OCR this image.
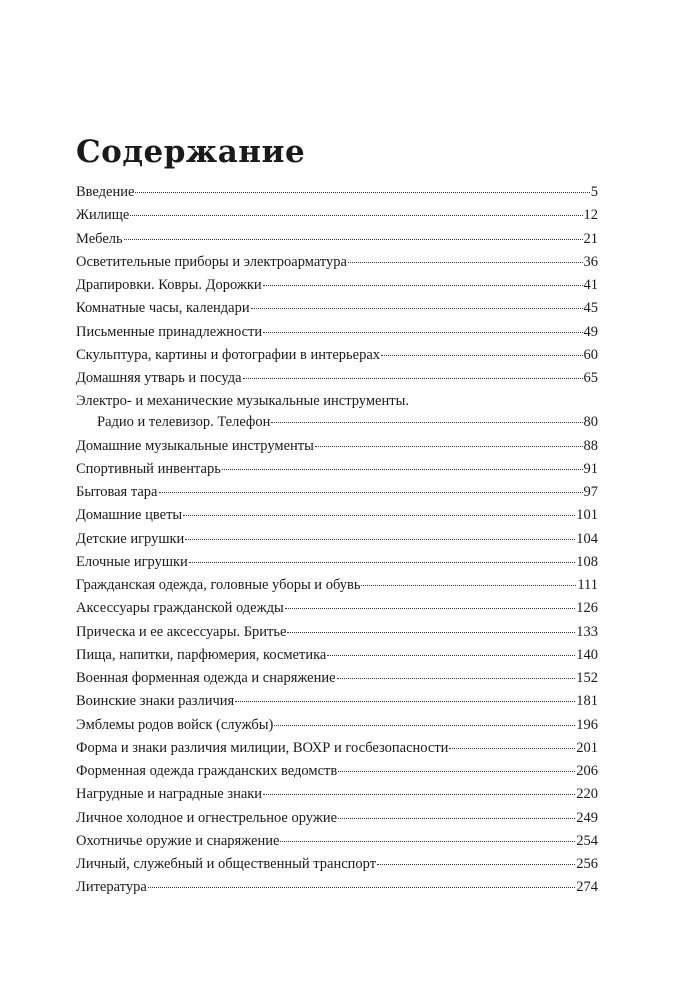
Содержание
Введение	5
Жилище	12
Мебель	21
Осветительные приборы и электроарматура	36
Драпировки. Ковры. Дорожки	41
Комнатные часы, календари	45
Письменные принадлежности	49
Скульптура, картины и фотографии в интерьерах	60
Домашняя утварь и посуда	65
Электро- и механические музыкальные инструменты.
Радио и телевизор. Телефон	80
Домашние музыкальные инструменты	88
Спортивный инвентарь	91
Бытовая тара	97
Домашние цветы	101
Детские игрушки	104
Елочные игрушки	108
Гражданская одежда, головные уборы и обувь	111
Аксессуары гражданской одежды	126
Прическа и ее аксессуары. Бритье	133
Пища, напитки, парфюмерия, косметика	140
Военная форменная одежда и снаряжение	152
Воинские знаки различия	181
Эмблемы родов войск (службы)	196
Форма и знаки различия милиции, ВОХР и госбезопасности	201
Форменная одежда гражданских ведомств	206
Нагрудные и наградные знаки	220
Личное холодное и огнестрельное оружие	249
Охотничье оружие и снаряжение	254
Личный, служебный и общественный транспорт	256
Литература	274
